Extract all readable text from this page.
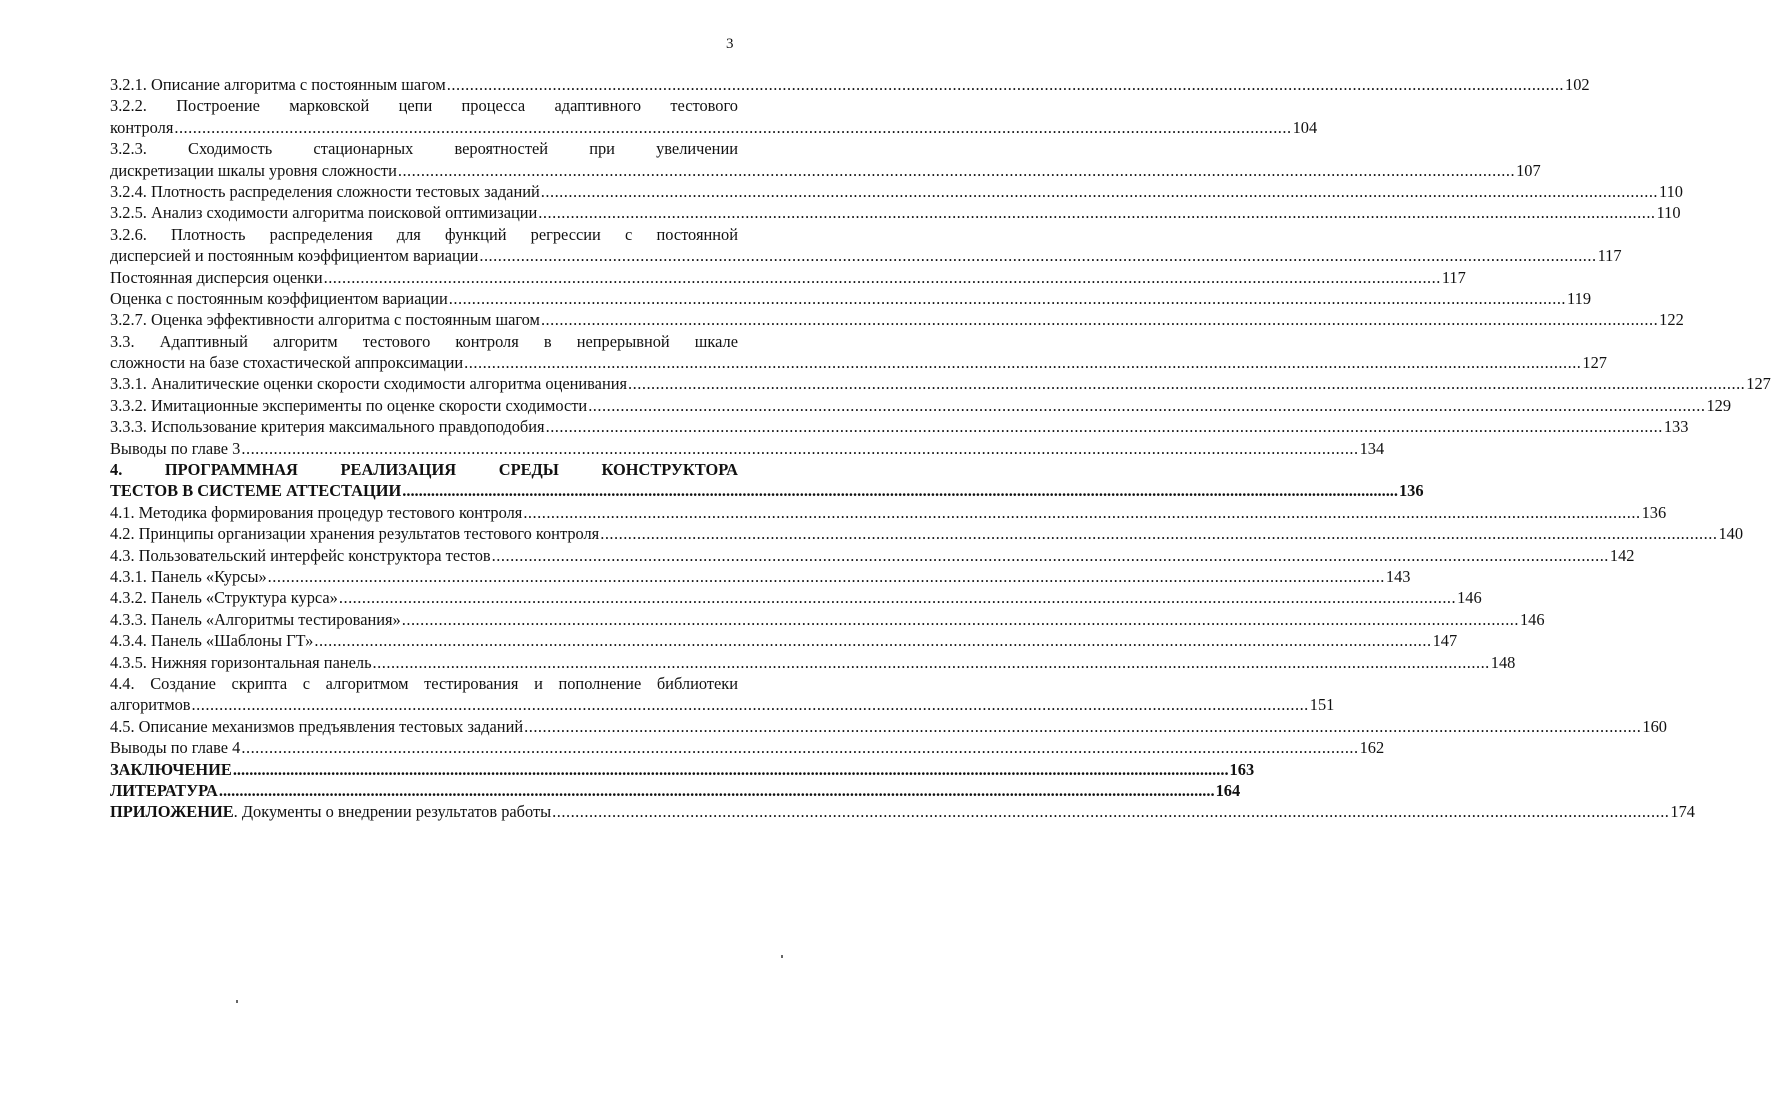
3
3.2.1. Описание алгоритма с постоянным шагом .....	102
3.2.2. Построение марковской цепи процесса адаптивного тестового
контроля .....	104
3.2.3. Сходимость стационарных вероятностей при увеличении
дискретизации шкалы уровня сложности .....	107
3.2.4. Плотность распределения сложности тестовых заданий .....	110
3.2.5. Анализ сходимости алгоритма поисковой оптимизации .....	110
3.2.6. Плотность распределения для функций регрессии с постоянной
дисперсией и постоянным коэффициентом вариации .....	117
Постоянная дисперсия оценки .....	117
Оценка с постоянным коэффициентом вариации .....	119
3.2.7. Оценка эффективности алгоритма с постоянным шагом .....	122
3.3. Адаптивный алгоритм тестового контроля в непрерывной шкале
сложности на базе стохастической аппроксимации .....	127
3.3.1. Аналитические оценки скорости сходимости алгоритма оценивания .....	127
3.3.2. Имитационные эксперименты по оценке скорости сходимости .....	129
3.3.3. Использование критерия максимального правдоподобия .....	133
Выводы по главе 3 .....	134
4. ПРОГРАММНАЯ РЕАЛИЗАЦИЯ СРЕДЫ КОНСТРУКТОРА
ТЕСТОВ В СИСТЕМЕ АТТЕСТАЦИИ .....	136
4.1. Методика формирования процедур тестового контроля .....	136
4.2. Принципы организации хранения результатов тестового контроля .....	140
4.3. Пользовательский интерфейс конструктора тестов .....	142
4.3.1. Панель «Курсы» .....	143
4.3.2. Панель «Структура курса» .....	146
4.3.3. Панель «Алгоритмы тестирования» .....	146
4.3.4. Панель «Шаблоны ГТ» .....	147
4.3.5. Нижняя горизонтальная панель .....	148
4.4. Создание скрипта с алгоритмом тестирования и пополнение библиотеки
алгоритмов .....	151
4.5. Описание механизмов предъявления тестовых заданий .....	160
Выводы по главе 4 .....	162
ЗАКЛЮЧЕНИЕ .....	163
ЛИТЕРАТУРА .....	164
ПРИЛОЖЕНИЕ. Документы о внедрении результатов работы .....	174
